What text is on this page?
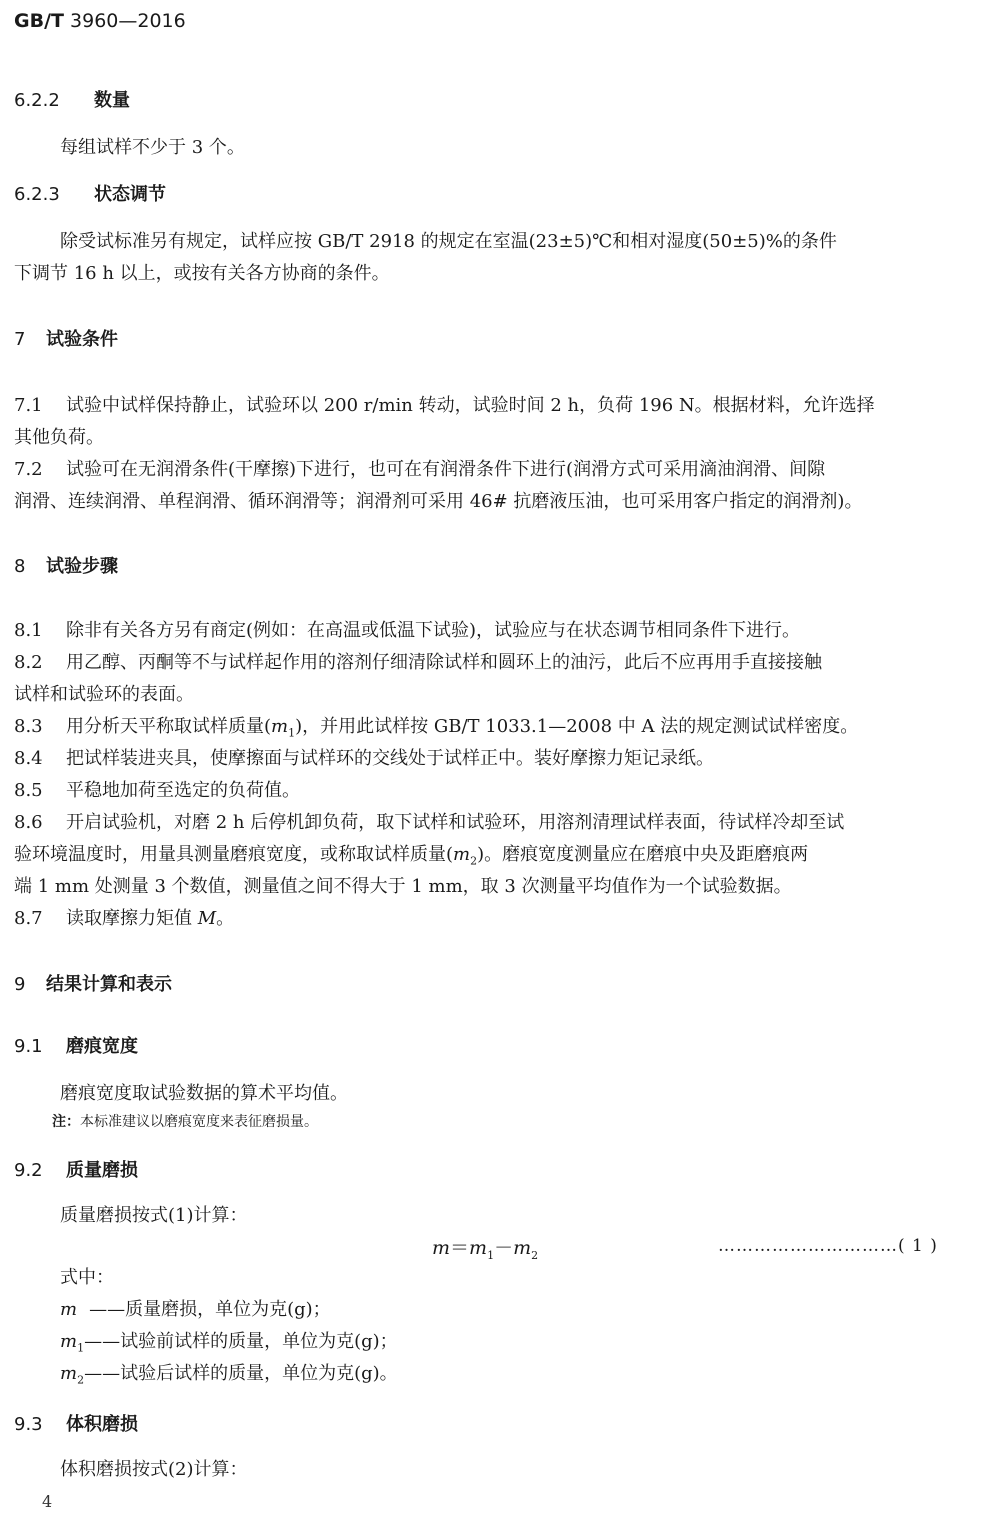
GB/T 3960—2016
6.2.2 数量
每组试样不少于 3 个。
6.2.3 状态调节
除受试标准另有规定，试样应按 GB/T 2918 的规定在室温(23±5)℃和相对湿度(50±5)%的条件
下调节 16 h 以上，或按有关各方协商的条件。
7 试验条件
7.1 试验中试样保持静止，试验环以 200 r/min 转动，试验时间 2 h，负荷 196 N。根据材料，允许选择
其他负荷。
7.2 试验可在无润滑条件(干摩擦)下进行，也可在有润滑条件下进行(润滑方式可采用滴油润滑、间隙
润滑、连续润滑、单程润滑、循环润滑等；润滑剂可采用 46# 抗磨液压油，也可采用客户指定的润滑剂)。
8 试验步骤
8.1 除非有关各方另有商定(例如：在高温或低温下试验)，试验应与在状态调节相同条件下进行。
8.2 用乙醇、丙酮等不与试样起作用的溶剂仔细清除试样和圆环上的油污，此后不应再用手直接接触
试样和试验环的表面。
8.3 用分析天平称取试样质量$(m_1)$，并用此试样按 GB/T 1033.1—2008 中 A 法的规定测试试样密度。
8.4 把试样装进夹具，使摩擦面与试样环的交线处于试样正中。装好摩擦力矩记录纸。
8.5 平稳地加荷至选定的负荷值。
8.6 开启试验机，对磨 2 h 后停机卸负荷，取下试样和试验环，用溶剂清理试样表面，待试样冷却至试
验环境温度时，用量具测量磨痕宽度，或称取试样质量$(m_2)$。磨痕宽度测量应在磨痕中央及距磨痕两
端 1 mm 处测量 3 个数值，测量值之间不得大于 1 mm，取 3 次测量平均值作为一个试验数据。
8.7 读取摩擦力矩值 M。
9 结果计算和表示
9.1 磨痕宽度
磨痕宽度取试验数据的算术平均值。
注：本标准建议以磨痕宽度来表征磨损量。
9.2 质量磨损
质量磨损按式(1)计算：
$m=m_1-m_2$	…………………………( 1 )
式中：
m ——质量磨损，单位为克(g)；
$m_1——$试验前试样的质量，单位为克(g)；
$m_2——$试验后试样的质量，单位为克(g)。
9.3 体积磨损
体积磨损按式(2)计算：
4
